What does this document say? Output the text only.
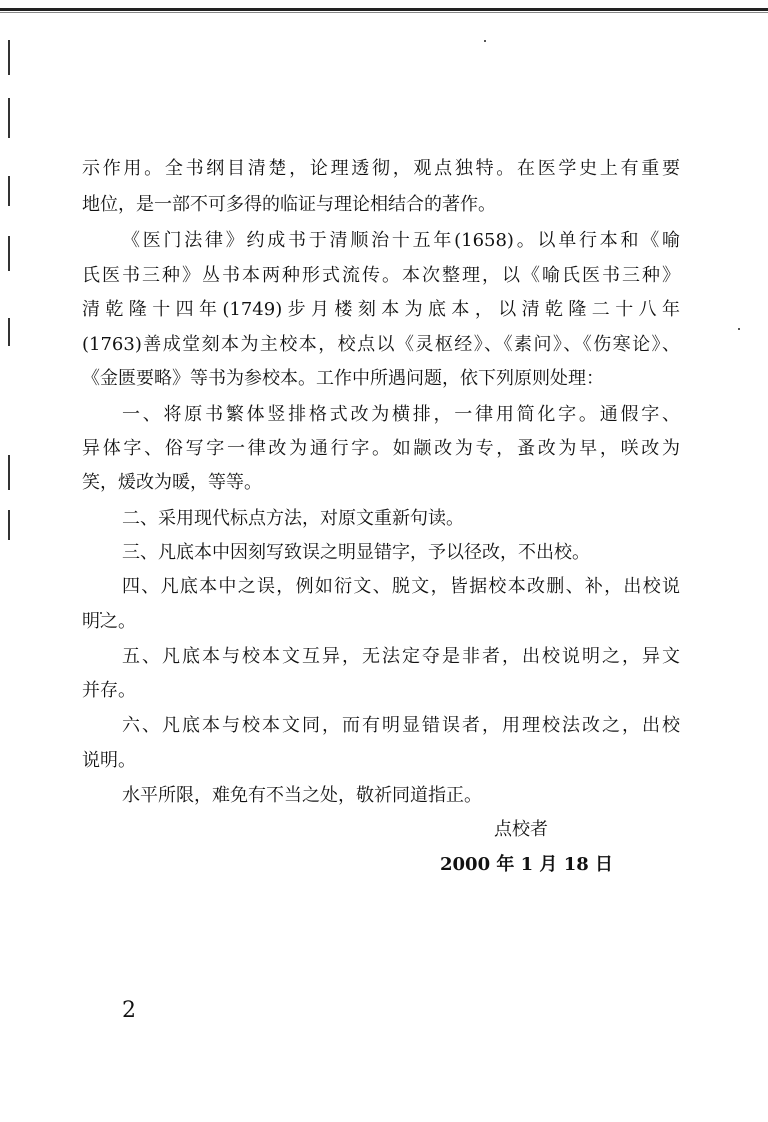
示作用。全书纲目清楚，论理透彻，观点独特。在医学史上有重要
地位，是一部不可多得的临证与理论相结合的著作。
《医门法律》约成书于清顺治十五年(1658)。以单行本和《喻
氏医书三种》丛书本两种形式流传。本次整理，以《喻氏医书三种》
清乾隆十四年(1749)步月楼刻本为底本，以清乾隆二十八年
(1763)善成堂刻本为主校本，校点以《灵枢经》、《素问》、《伤寒论》、
《金匮要略》等书为参校本。工作中所遇问题，依下列原则处理：
一、将原书繁体竖排格式改为横排，一律用简化字。通假字、
异体字、俗写字一律改为通行字。如颛改为专，蚤改为早，咲改为
笑，煖改为暖，等等。
二、采用现代标点方法，对原文重新句读。
三、凡底本中因刻写致误之明显错字，予以径改，不出校。
四、凡底本中之误，例如衍文、脱文，皆据校本改删、补，出校说
明之。
五、凡底本与校本文互异，无法定夺是非者，出校说明之，异文
并存。
六、凡底本与校本文同，而有明显错误者，用理校法改之，出校
说明。
水平所限，难免有不当之处，敬祈同道指正。
点校者
2000 年 1 月 18 日
2
